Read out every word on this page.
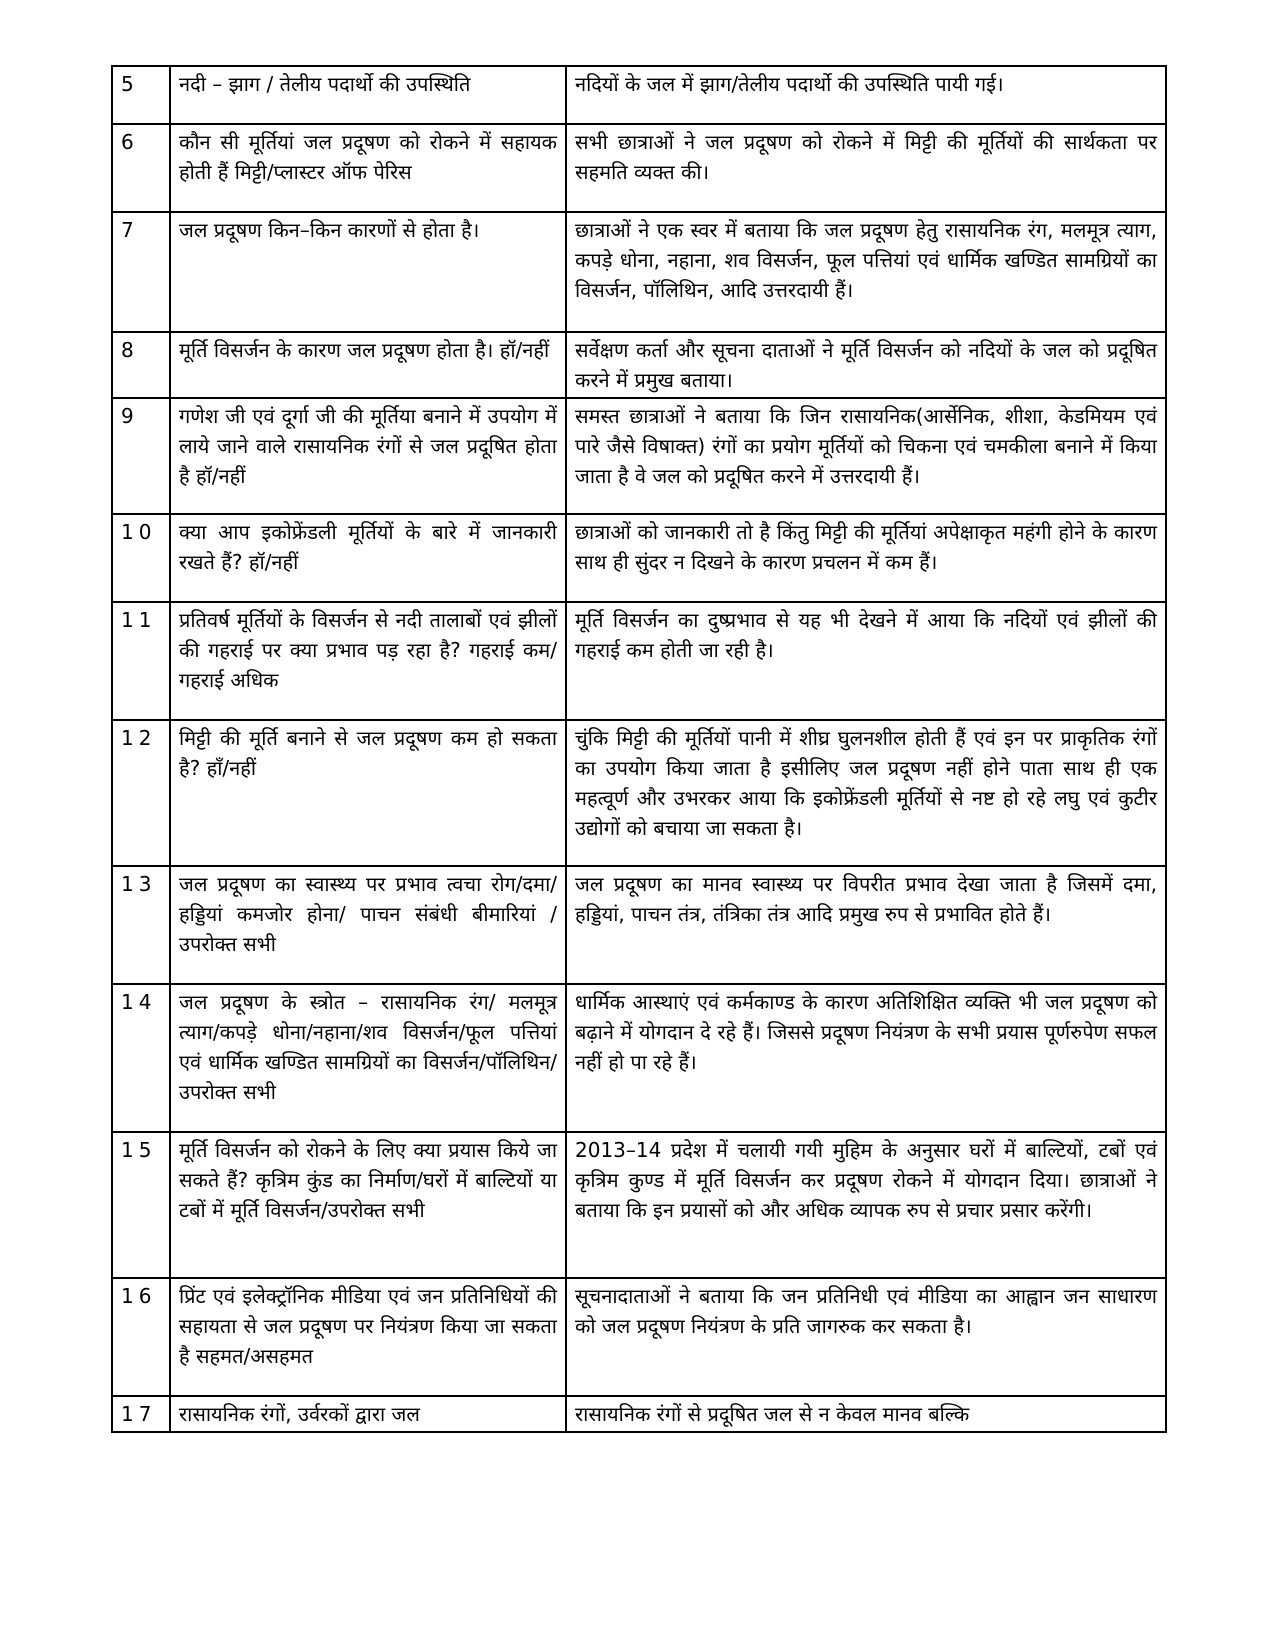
5	नदी – झाग / तेलीय पदार्थो की उपस्थिति	नदियों के जल में झाग/तेलीय पदार्थो की उपस्थिति पायी गई।
6	कौन सी मूर्तियां जल प्रदूषण को रोकने में सहायक होती हैं मिट्टी/प्लास्टर ऑफ पेरिस	सभी छात्राओं ने जल प्रदूषण को रोकने में मिट्टी की मूर्तियों की सार्थकता पर सहमति व्यक्त की।
7	जल प्रदूषण किन–किन कारणों से होता है।	छात्राओं ने एक स्वर में बताया कि जल प्रदूषण हेतु रासायनिक रंग, मलमूत्र त्याग, कपड़े धोना, नहाना, शव विसर्जन, फूल पत्तियां एवं धार्मिक खण्डित सामग्रियों का विसर्जन, पॉलिथिन, आदि उत्तरदायी हैं।
8	मूर्ति विसर्जन के कारण जल प्रदूषण होता है। हॉ/नहीं	सर्वेक्षण कर्ता और सूचना दाताओं ने मूर्ति विसर्जन को नदियों के जल को प्रदूषित करने में प्रमुख बताया।
9	गणेश जी एवं दूर्गा जी की मूर्तिया बनाने में उपयोग में लाये जाने वाले रासायनिक रंगों से जल प्रदूषित होता है हॉ/नहीं	समस्त छात्राओं ने बताया कि जिन रासायनिक(आर्सेनिक, शीशा, केडमियम एवं पारे जैसे विषाक्त) रंगों का प्रयोग मूर्तियों को चिकना एवं चमकीला बनाने में किया जाता है वे जल को प्रदूषित करने में उत्तरदायी हैं।
10	क्या आप इकोफ्रेंडली मूर्तियों के बारे में जानकारी रखते हैं? हॉ/नहीं	छात्राओं को जानकारी तो है किंतु मिट्टी की मूर्तियां अपेक्षाकृत महंगी होने के कारण साथ ही सुंदर न दिखने के कारण प्रचलन में कम हैं।
11	प्रतिवर्ष मूर्तियों के विसर्जन से नदी तालाबों एवं झीलों की गहराई पर क्या प्रभाव पड़ रहा है? गहराई कम/गहराई अधिक	मूर्ति विसर्जन का दुष्प्रभाव से यह भी देखने में आया कि नदियों एवं झीलों की गहराई कम होती जा रही है।
12	मिट्टी की मूर्ति बनाने से जल प्रदूषण कम हो सकता है? हॉं/नहीं	चुंकि मिट्टी की मूर्तियों पानी में शीघ्र घुलनशील होती हैं एवं इन पर प्राकृतिक रंगों का उपयोग किया जाता है इसीलिए जल प्रदूषण नहीं होने पाता साथ ही एक महत्वूर्ण और उभरकर आया कि इकोफ्रेंडली मूर्तियों से नष्ट हो रहे लघु एवं कुटीर उद्योगों को बचाया जा सकता है।
13	जल प्रदूषण का स्वास्थ्य पर प्रभाव त्वचा रोग/दमा/हड्डियां कमजोर होना/ पाचन संबंधी बीमारियां / उपरोक्त सभी	जल प्रदूषण का मानव स्वास्थ्य पर विपरीत प्रभाव देखा जाता है जिसमें दमा, हड्डियां, पाचन तंत्र, तंत्रिका तंत्र आदि प्रमुख रुप से प्रभावित होते हैं।
14	जल प्रदूषण के स्त्रोत – रासायनिक रंग/ मलमूत्र त्याग/कपड़े धोना/नहाना/शव विसर्जन/फूल पत्तियां एवं धार्मिक खण्डित सामग्रियों का विसर्जन/पॉलिथिन/उपरोक्त सभी	धार्मिक आस्थाएं एवं कर्मकाण्ड के कारण अतिशिक्षित व्यक्ति भी जल प्रदूषण को बढ़ाने में योगदान दे रहे हैं। जिससे प्रदूषण नियंत्रण के सभी प्रयास पूर्णरुपेण सफल नहीं हो पा रहे हैं।
15	मूर्ति विसर्जन को रोकने के लिए क्या प्रयास किये जा सकते हैं? कृत्रिम कुंड का निर्माण/घरों में बाल्टियों या टबों में मूर्ति विसर्जन/उपरोक्त सभी	2013–14 प्रदेश में चलायी गयी मुहिम के अनुसार घरों में बाल्टियों, टबों एवं कृत्रिम कुण्ड में मूर्ति विसर्जन कर प्रदूषण रोकने में योगदान दिया। छात्राओं ने बताया कि इन प्रयासों को और अधिक व्यापक रुप से प्रचार प्रसार करेंगी।
16	प्रिंट एवं इलेक्ट्रॉनिक मीडिया एवं जन प्रतिनिधियों की सहायता से जल प्रदूषण पर नियंत्रण किया जा सकता है सहमत/असहमत	सूचनादाताओं ने बताया कि जन प्रतिनिधी एवं मीडिया का आह्वान जन साधारण को जल प्रदूषण नियंत्रण के प्रति जागरुक कर सकता है।
17	रासायनिक रंगों, उर्वरकों द्वारा जल	रासायनिक रंगों से प्रदूषित जल से न केवल मानव बल्कि
